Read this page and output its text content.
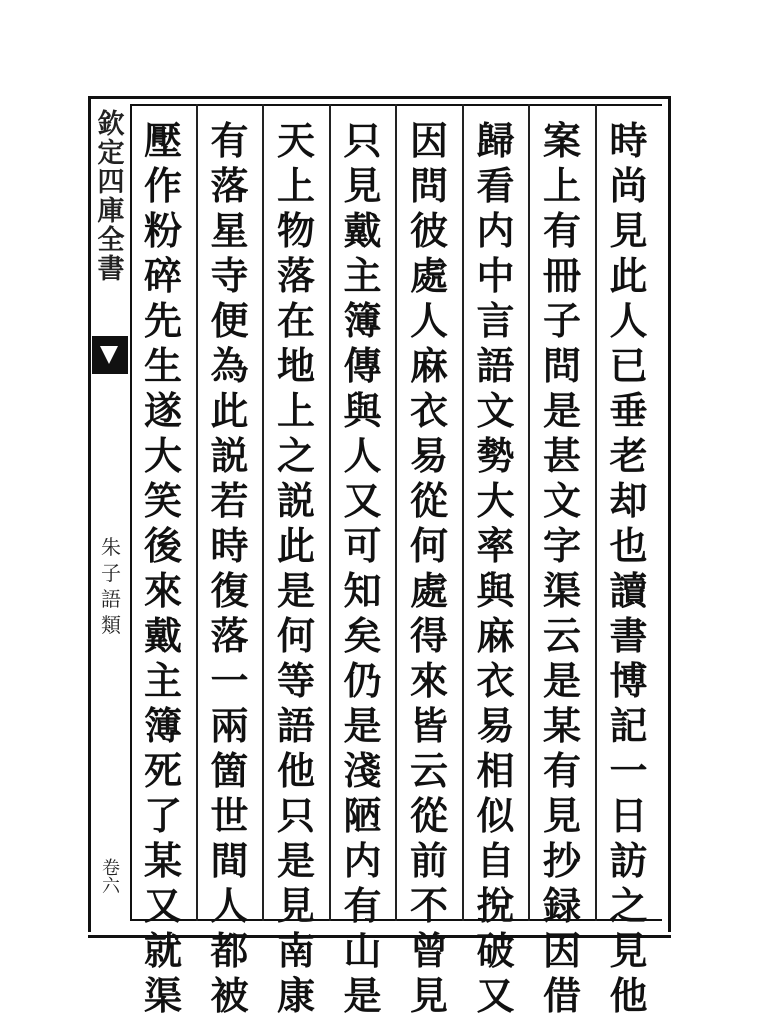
欽
定
四
庫
全
書
朱
子
語
類
卷
六
時
尚
見
此
人
已
垂
老
却
也
讀
書
博
記
一
日
訪
之
見
他
案
上
有
冊
子
問
是
甚
文
字
渠
云
是
某
有
見
抄
録
因
借
歸
看
内
中
言
語
文
勢
大
率
與
麻
衣
易
相
似
自
挩
破
又
因
問
彼
處
人
麻
衣
易
從
何
處
得
來
皆
云
從
前
不
曾
見
只
見
戴
主
簿
傳
與
人
又
可
知
矣
仍
是
淺
陋
内
有
山
是
天
上
物
落
在
地
上
之
説
此
是
何
等
語
他
只
是
見
南
康
有
落
星
寺
便
為
此
説
若
時
復
落
一
兩
箇
世
間
人
都
被
壓
作
粉
碎
先
生
遂
大
笑
後
來
戴
主
簿
死
了
某
又
就
渠
